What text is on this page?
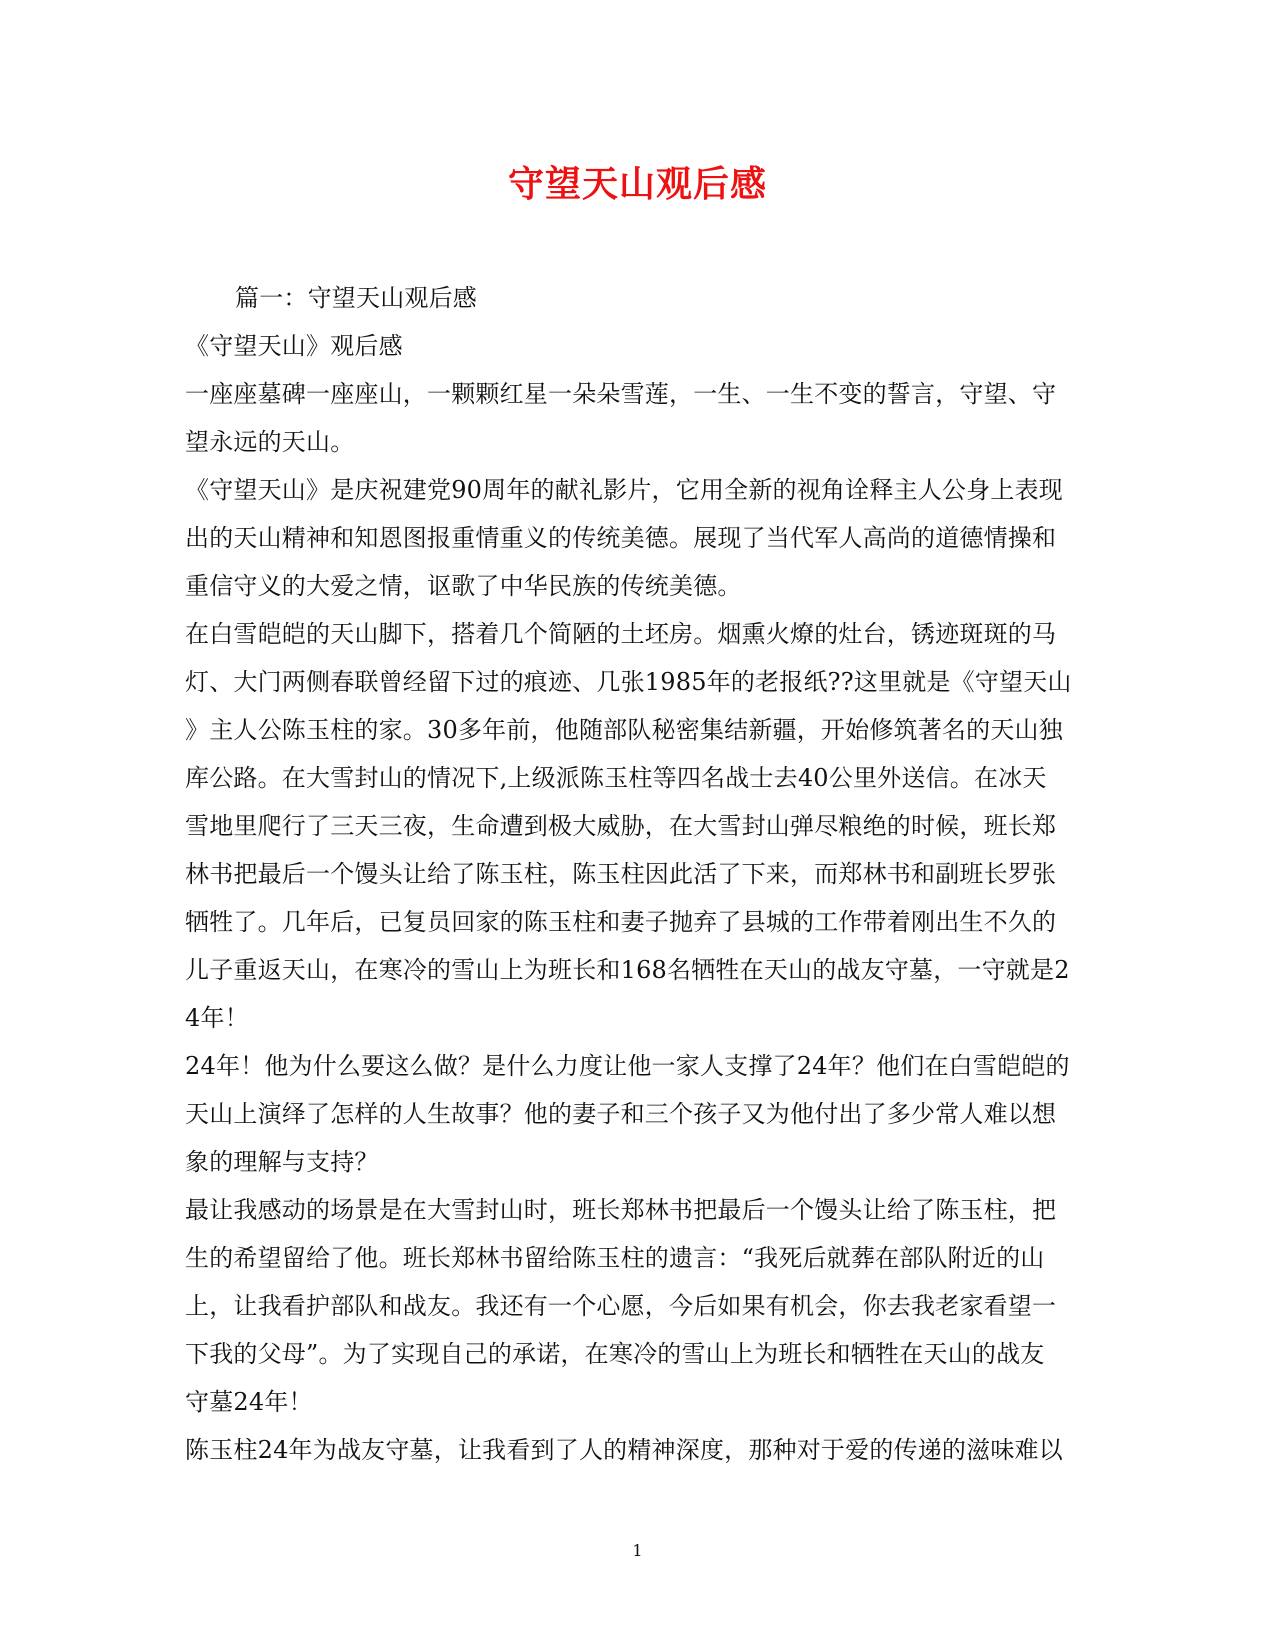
守望天山观后感
篇一：守望天山观后感
《守望天山》观后感
一座座墓碑一座座山，一颗颗红星一朵朵雪莲，一生、一生不变的誓言，守望、守
望永远的天山。
《守望天山》是庆祝建党90周年的献礼影片，它用全新的视角诠释主人公身上表现
出的天山精神和知恩图报重情重义的传统美德。展现了当代军人高尚的道德情操和
重信守义的大爱之情，讴歌了中华民族的传统美德。
在白雪皑皑的天山脚下，搭着几个简陋的土坯房。烟熏火燎的灶台，锈迹斑斑的马
灯、大门两侧春联曾经留下过的痕迹、几张1985年的老报纸??这里就是《守望天山
》主人公陈玉柱的家。30多年前，他随部队秘密集结新疆，开始修筑著名的天山独
库公路。在大雪封山的情况下,上级派陈玉柱等四名战士去40公里外送信。在冰天
雪地里爬行了三天三夜，生命遭到极大威胁，在大雪封山弹尽粮绝的时候，班长郑
林书把最后一个馒头让给了陈玉柱，陈玉柱因此活了下来，而郑林书和副班长罗张
牺牲了。几年后，已复员回家的陈玉柱和妻子抛弃了县城的工作带着刚出生不久的
儿子重返天山，在寒冷的雪山上为班长和168名牺牲在天山的战友守墓，一守就是2
4年！
24年！他为什么要这么做？是什么力度让他一家人支撑了24年？他们在白雪皑皑的
天山上演绎了怎样的人生故事？他的妻子和三个孩子又为他付出了多少常人难以想
象的理解与支持？
最让我感动的场景是在大雪封山时，班长郑林书把最后一个馒头让给了陈玉柱，把
生的希望留给了他。班长郑林书留给陈玉柱的遗言：“我死后就葬在部队附近的山
上，让我看护部队和战友。我还有一个心愿，今后如果有机会，你去我老家看望一
下我的父母”。为了实现自己的承诺，在寒冷的雪山上为班长和牺牲在天山的战友
守墓24年！
陈玉柱24年为战友守墓，让我看到了人的精神深度，那种对于爱的传递的滋味难以
1
